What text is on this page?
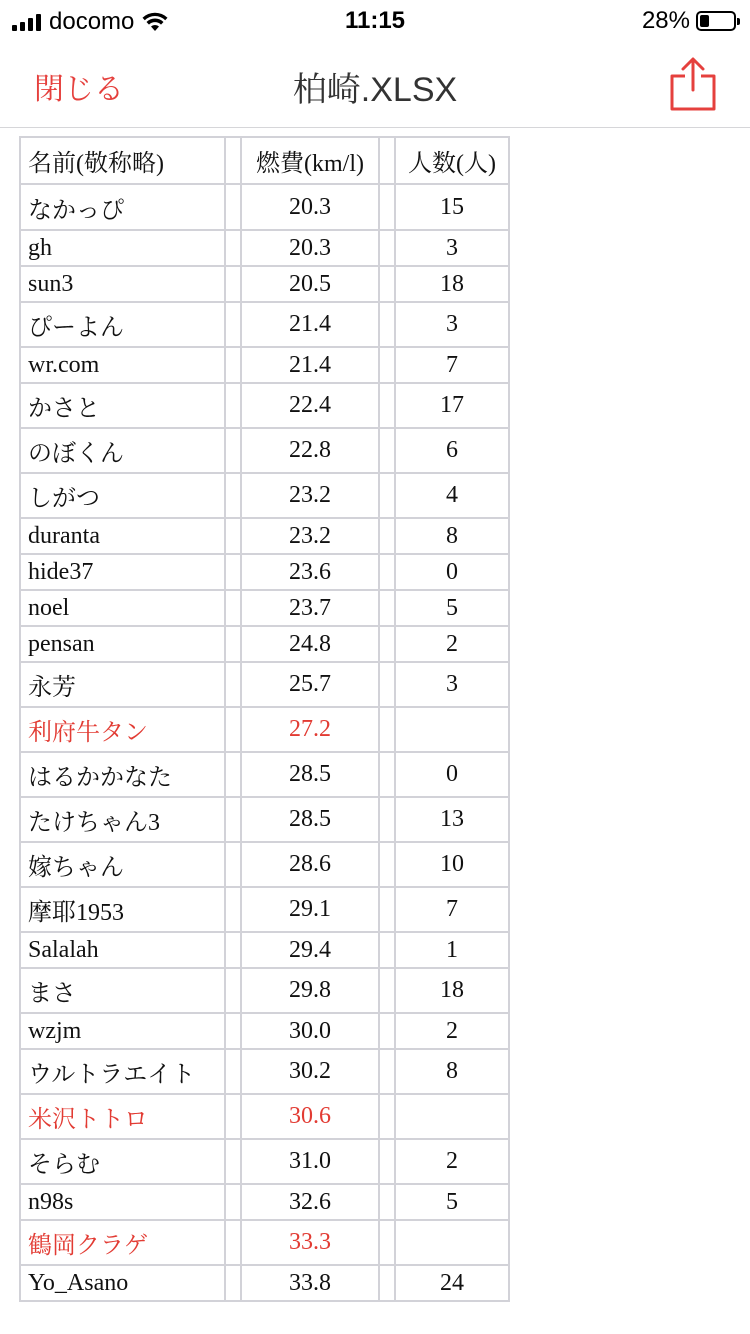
docomo	11:15	28%
閉じる	柏崎.XLSX
名前(敬称略)		燃費(km/l)		人数(人)
なかっぴ		20.3		15
gh		20.3		3
sun3		20.5		18
ぴーよん		21.4		3
wr.com		21.4		7
かさと		22.4		17
のぼくん		22.8		6
しがつ		23.2		4
duranta		23.2		8
hide37		23.6		0
noel		23.7		5
pensan		24.8		2
永芳		25.7		3
利府牛タン		27.2		
はるかかなた		28.5		0
たけちゃん3		28.5		13
嫁ちゃん		28.6		10
摩耶1953		29.1		7
Salalah		29.4		1
まさ		29.8		18
wzjm		30.0		2
ウルトラエイト		30.2		8
米沢トトロ		30.6		
そらむ		31.0		2
n98s		32.6		5
鶴岡クラゲ		33.3		
Yo_Asano		33.8		24
